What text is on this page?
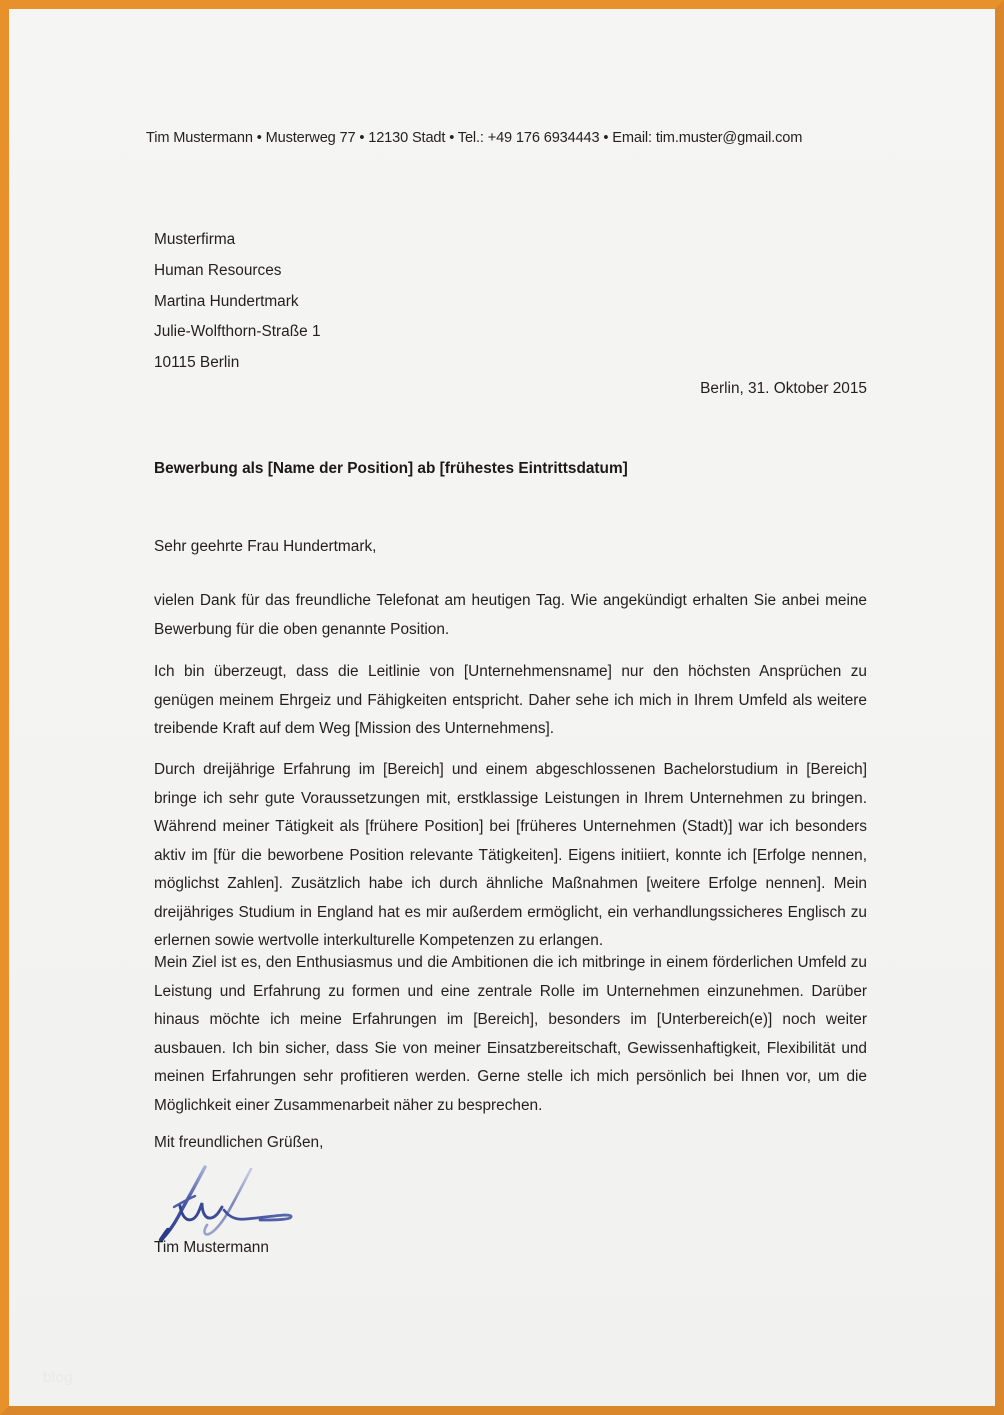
Tim Mustermann • Musterweg 77 • 12130 Stadt • Tel.: +49 176 6934443 • Email: tim.muster@gmail.com
Musterfirma
Human Resources
Martina Hundertmark
Julie-Wolfthorn-Straße 1
10115 Berlin
Berlin, 31. Oktober 2015
Bewerbung als [Name der Position] ab [frühestes Eintrittsdatum]
Sehr geehrte Frau Hundertmark,

vielen Dank für das freundliche Telefonat am heutigen Tag. Wie angekündigt erhalten Sie anbei meine Bewerbung für die oben genannte Position.

Ich bin überzeugt, dass die Leitlinie von [Unternehmensname] nur den höchsten Ansprüchen zu genügen meinem Ehrgeiz und Fähigkeiten entspricht. Daher sehe ich mich in Ihrem Umfeld als weitere treibende Kraft auf dem Weg [Mission des Unternehmens].

Durch dreijährige Erfahrung im [Bereich] und einem abgeschlossenen Bachelorstudium in [Bereich] bringe ich sehr gute Voraussetzungen mit, erstklassige Leistungen in Ihrem Unternehmen zu bringen. Während meiner Tätigkeit als [frühere Position] bei [früheres Unternehmen (Stadt)] war ich besonders aktiv im [für die beworbene Position relevante Tätigkeiten]. Eigens initiiert, konnte ich [Erfolge nennen, möglichst Zahlen]. Zusätzlich habe ich durch ähnliche Maßnahmen [weitere Erfolge nennen]. Mein dreijähriges Studium in England hat es mir außerdem ermöglicht, ein verhandlungssicheres Englisch zu erlernen sowie wertvolle interkulturelle Kompetenzen zu erlangen.

Mein Ziel ist es, den Enthusiasmus und die Ambitionen die ich mitbringe in einem förderlichen Umfeld zu Leistung und Erfahrung zu formen und eine zentrale Rolle im Unternehmen einzunehmen. Darüber hinaus möchte ich meine Erfahrungen im [Bereich], besonders im [Unterbereich(e)] noch weiter ausbauen. Ich bin sicher, dass Sie von meiner Einsatzbereitschaft, Gewissenhaftigkeit, Flexibilität und meinen Erfahrungen sehr profitieren werden. Gerne stelle ich mich persönlich bei Ihnen vor, um die Möglichkeit einer Zusammenarbeit näher zu besprechen.

Mit freundlichen Grüßen,
Tim Mustermann
blog
